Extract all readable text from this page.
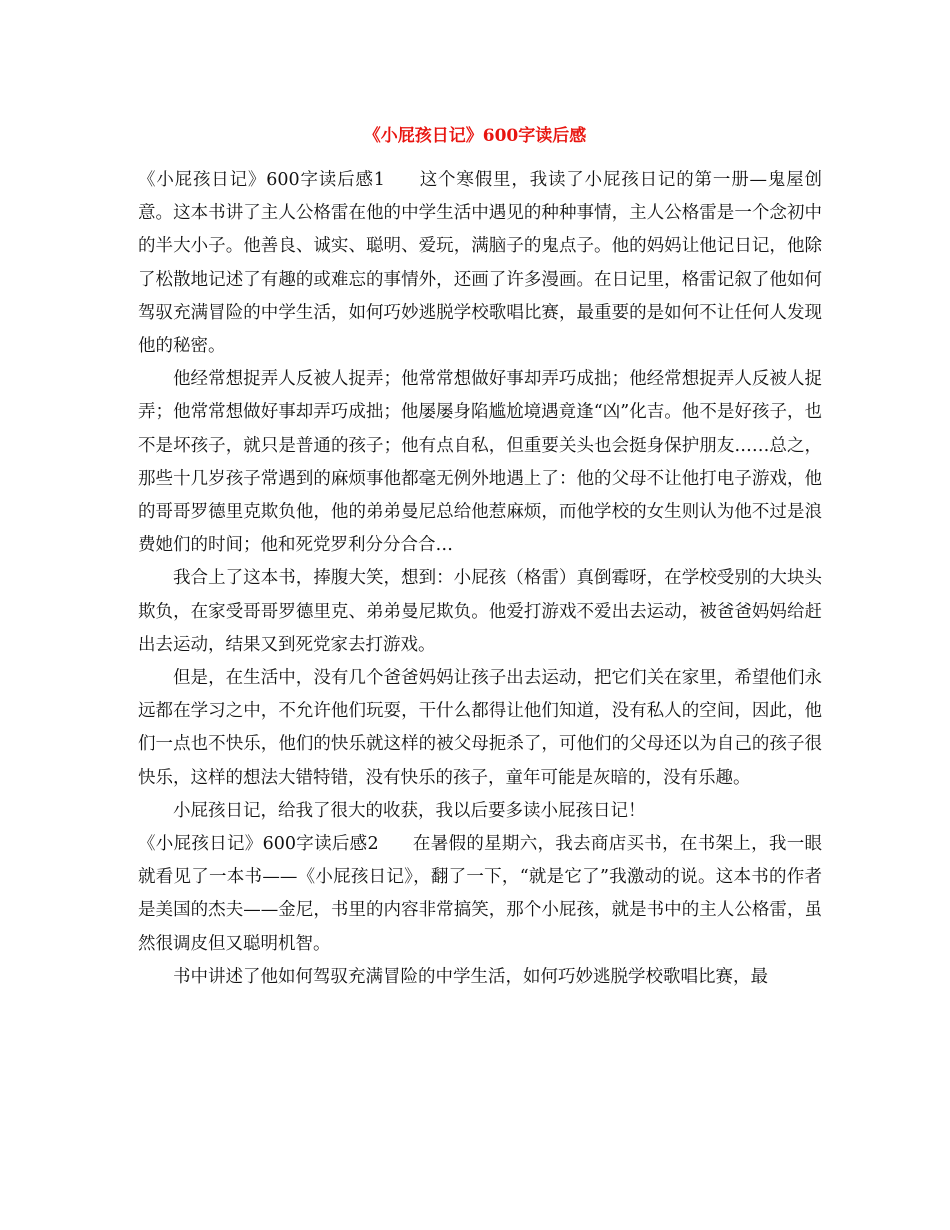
《小屁孩日记》600字读后感

《小屁孩日记》600字读后感1 这个寒假里，我读了小屁孩日记的第一册—鬼屋创意。这本书讲了主人公格雷在他的中学生活中遇见的种种事情，主人公格雷是一个念初中的半大小子。他善良、诚实、聪明、爱玩，满脑子的鬼点子。他的妈妈让他记日记，他除了松散地记述了有趣的或难忘的事情外，还画了许多漫画。在日记里，格雷记叙了他如何驾驭充满冒险的中学生活，如何巧妙逃脱学校歌唱比赛，最重要的是如何不让任何人发现他的秘密。

他经常想捉弄人反被人捉弄；他常常想做好事却弄巧成拙；他经常想捉弄人反被人捉弄；他常常想做好事却弄巧成拙；他屡屡身陷尴尬境遇竟逢“凶”化吉。他不是好孩子，也不是坏孩子，就只是普通的孩子；他有点自私，但重要关头也会挺身保护朋友……总之，那些十几岁孩子常遇到的麻烦事他都毫无例外地遇上了：他的父母不让他打电子游戏，他的哥哥罗德里克欺负他，他的弟弟曼尼总给他惹麻烦，而他学校的女生则认为他不过是浪费她们的时间；他和死党罗利分分合合…

我合上了这本书，捧腹大笑，想到：小屁孩（格雷）真倒霉呀，在学校受别的大块头欺负，在家受哥哥罗德里克、弟弟曼尼欺负。他爱打游戏不爱出去运动，被爸爸妈妈给赶出去运动，结果又到死党家去打游戏。

但是，在生活中，没有几个爸爸妈妈让孩子出去运动，把它们关在家里，希望他们永远都在学习之中，不允许他们玩耍，干什么都得让他们知道，没有私人的空间，因此，他们一点也不快乐，他们的快乐就这样的被父母扼杀了，可他们的父母还以为自己的孩子很快乐，这样的想法大错特错，没有快乐的孩子，童年可能是灰暗的，没有乐趣。

小屁孩日记，给我了很大的收获，我以后要多读小屁孩日记！

《小屁孩日记》600字读后感2 在暑假的星期六，我去商店买书，在书架上，我一眼就看见了一本书——《小屁孩日记》，翻了一下，“就是它了”我激动的说。这本书的作者是美国的杰夫——金尼，书里的内容非常搞笑，那个小屁孩，就是书中的主人公格雷，虽然很调皮但又聪明机智。

书中讲述了他如何驾驭充满冒险的中学生活，如何巧妙逃脱学校歌唱比赛，最
